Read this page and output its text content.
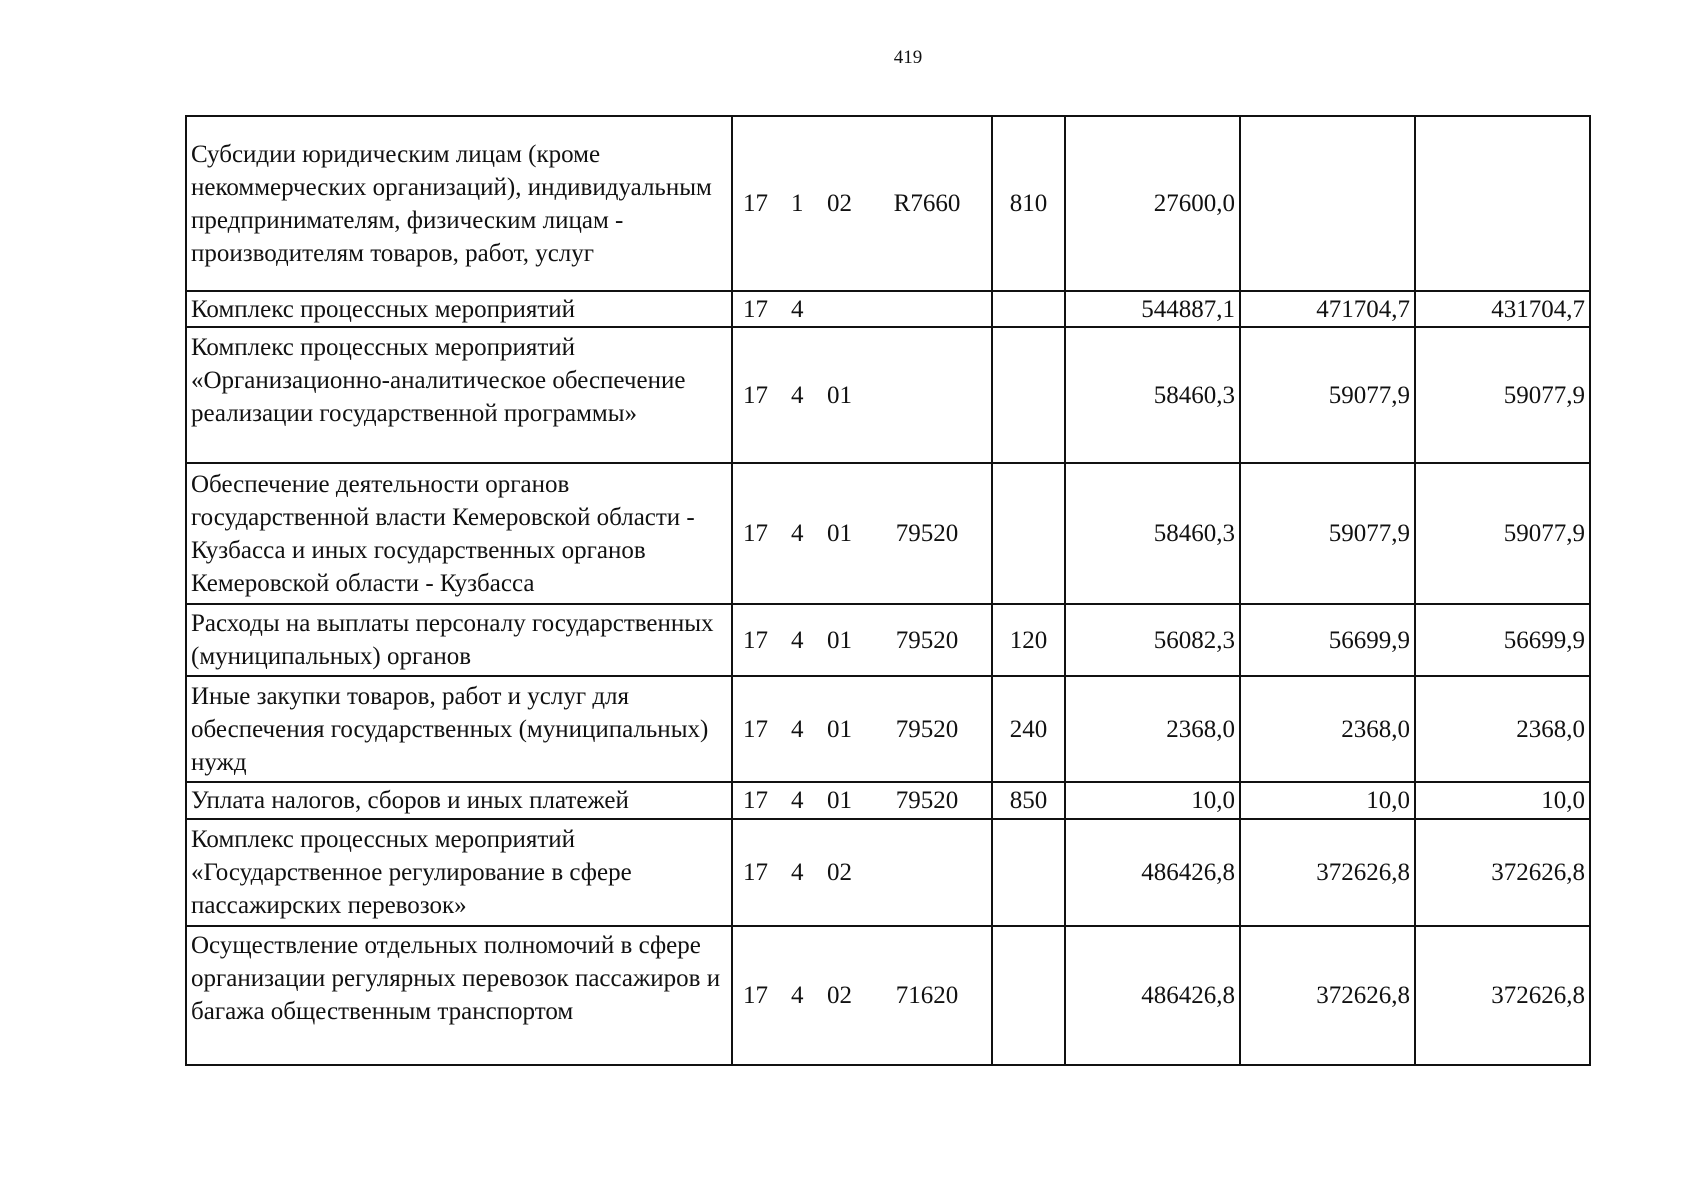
419
Субсидии юридическим лицам (кроме некоммерческих организаций), индивидуальным предпринимателям, физическим лицам - производителям товаров, работ, услуг	17 1 02 R7660	810	27600,0		
Комплекс процессных мероприятий	17 4		544887,1	471704,7	431704,7
Комплекс процессных мероприятий «Организационно-аналитическое обеспечение реализации государственной программы»	17 4 01		58460,3	59077,9	59077,9
Обеспечение деятельности органов государственной власти Кемеровской области - Кузбасса и иных государственных органов Кемеровской области - Кузбасса	17 4 01 79520		58460,3	59077,9	59077,9
Расходы на выплаты персоналу государственных (муниципальных) органов	17 4 01 79520	120	56082,3	56699,9	56699,9
Иные закупки товаров, работ и услуг для обеспечения государственных (муниципальных) нужд	17 4 01 79520	240	2368,0	2368,0	2368,0
Уплата налогов, сборов и иных платежей	17 4 01 79520	850	10,0	10,0	10,0
Комплекс процессных мероприятий «Государственное регулирование в сфере пассажирских перевозок»	17 4 02		486426,8	372626,8	372626,8
Осуществление отдельных полномочий в сфере организации регулярных перевозок пассажиров и багажа общественным транспортом	17 4 02 71620		486426,8	372626,8	372626,8
